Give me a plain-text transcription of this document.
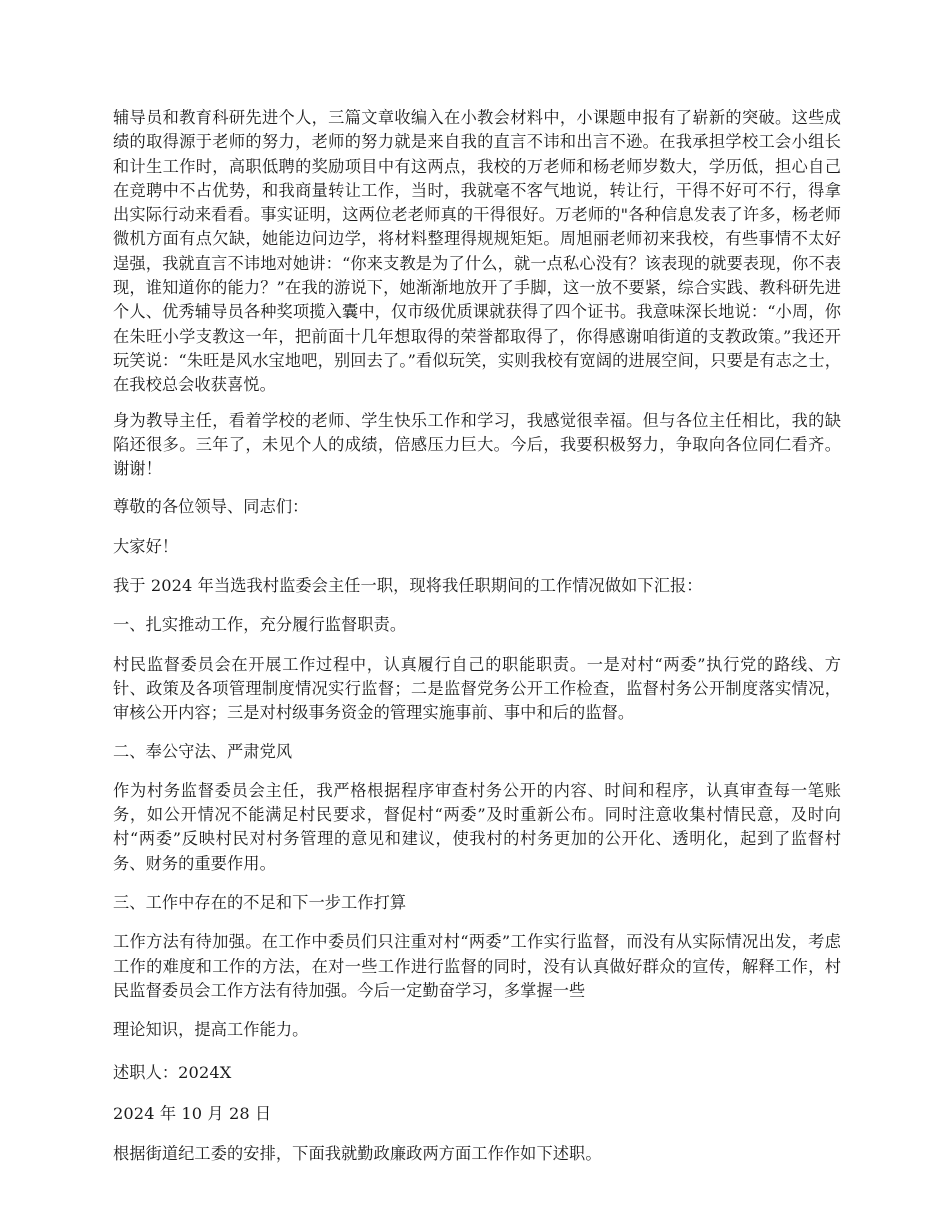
辅导员和教育科研先进个人，三篇文章收编入在小教会材料中，小课题申报有了崭新的突破。这些成绩的取得源于老师的努力，老师的努力就是来自我的直言不讳和出言不逊。在我承担学校工会小组长和计生工作时，高职低聘的奖励项目中有这两点，我校的万老师和杨老师岁数大，学历低，担心自己在竞聘中不占优势，和我商量转让工作，当时，我就毫不客气地说，转让行，干得不好可不行，得拿出实际行动来看看。事实证明，这两位老老师真的干得很好。万老师的"各种信息发表了许多，杨老师微机方面有点欠缺，她能边问边学，将材料整理得规规矩矩。周旭丽老师初来我校，有些事情不太好逞强，我就直言不讳地对她讲：“你来支教是为了什么，就一点私心没有？该表现的就要表现，你不表现，谁知道你的能力？”在我的游说下，她渐渐地放开了手脚，这一放不要紧，综合实践、教科研先进个人、优秀辅导员各种奖项揽入囊中，仅市级优质课就获得了四个证书。我意味深长地说：“小周，你在朱旺小学支教这一年，把前面十几年想取得的荣誉都取得了，你得感谢咱街道的支教政策。”我还开玩笑说：“朱旺是风水宝地吧，别回去了。”看似玩笑，实则我校有宽阔的进展空间，只要是有志之士，在我校总会收获喜悦。

身为教导主任，看着学校的老师、学生快乐工作和学习，我感觉很幸福。但与各位主任相比，我的缺陷还很多。三年了，未见个人的成绩，倍感压力巨大。今后，我要积极努力，争取向各位同仁看齐。谢谢！

尊敬的各位领导、同志们：

大家好！

我于 2024 年当选我村监委会主任一职，现将我任职期间的工作情况做如下汇报：

一、扎实推动工作，充分履行监督职责。

村民监督委员会在开展工作过程中，认真履行自己的职能职责。一是对村“两委”执行党的路线、方针、政策及各项管理制度情况实行监督；二是监督党务公开工作检查，监督村务公开制度落实情况，审核公开内容；三是对村级事务资金的管理实施事前、事中和后的监督。

二、奉公守法、严肃党风

作为村务监督委员会主任，我严格根据程序审查村务公开的内容、时间和程序，认真审查每一笔账务，如公开情况不能满足村民要求，督促村“两委”及时重新公布。同时注意收集村情民意，及时向村“两委”反映村民对村务管理的意见和建议，使我村的村务更加的公开化、透明化，起到了监督村务、财务的重要作用。

三、工作中存在的不足和下一步工作打算

工作方法有待加强。在工作中委员们只注重对村“两委”工作实行监督，而没有从实际情况出发，考虑工作的难度和工作的方法，在对一些工作进行监督的同时，没有认真做好群众的宣传，解释工作，村民监督委员会工作方法有待加强。今后一定勤奋学习，多掌握一些

理论知识，提高工作能力。

述职人：2024X

2024 年 10 月 28 日

根据街道纪工委的安排，下面我就勤政廉政两方面工作作如下述职。
